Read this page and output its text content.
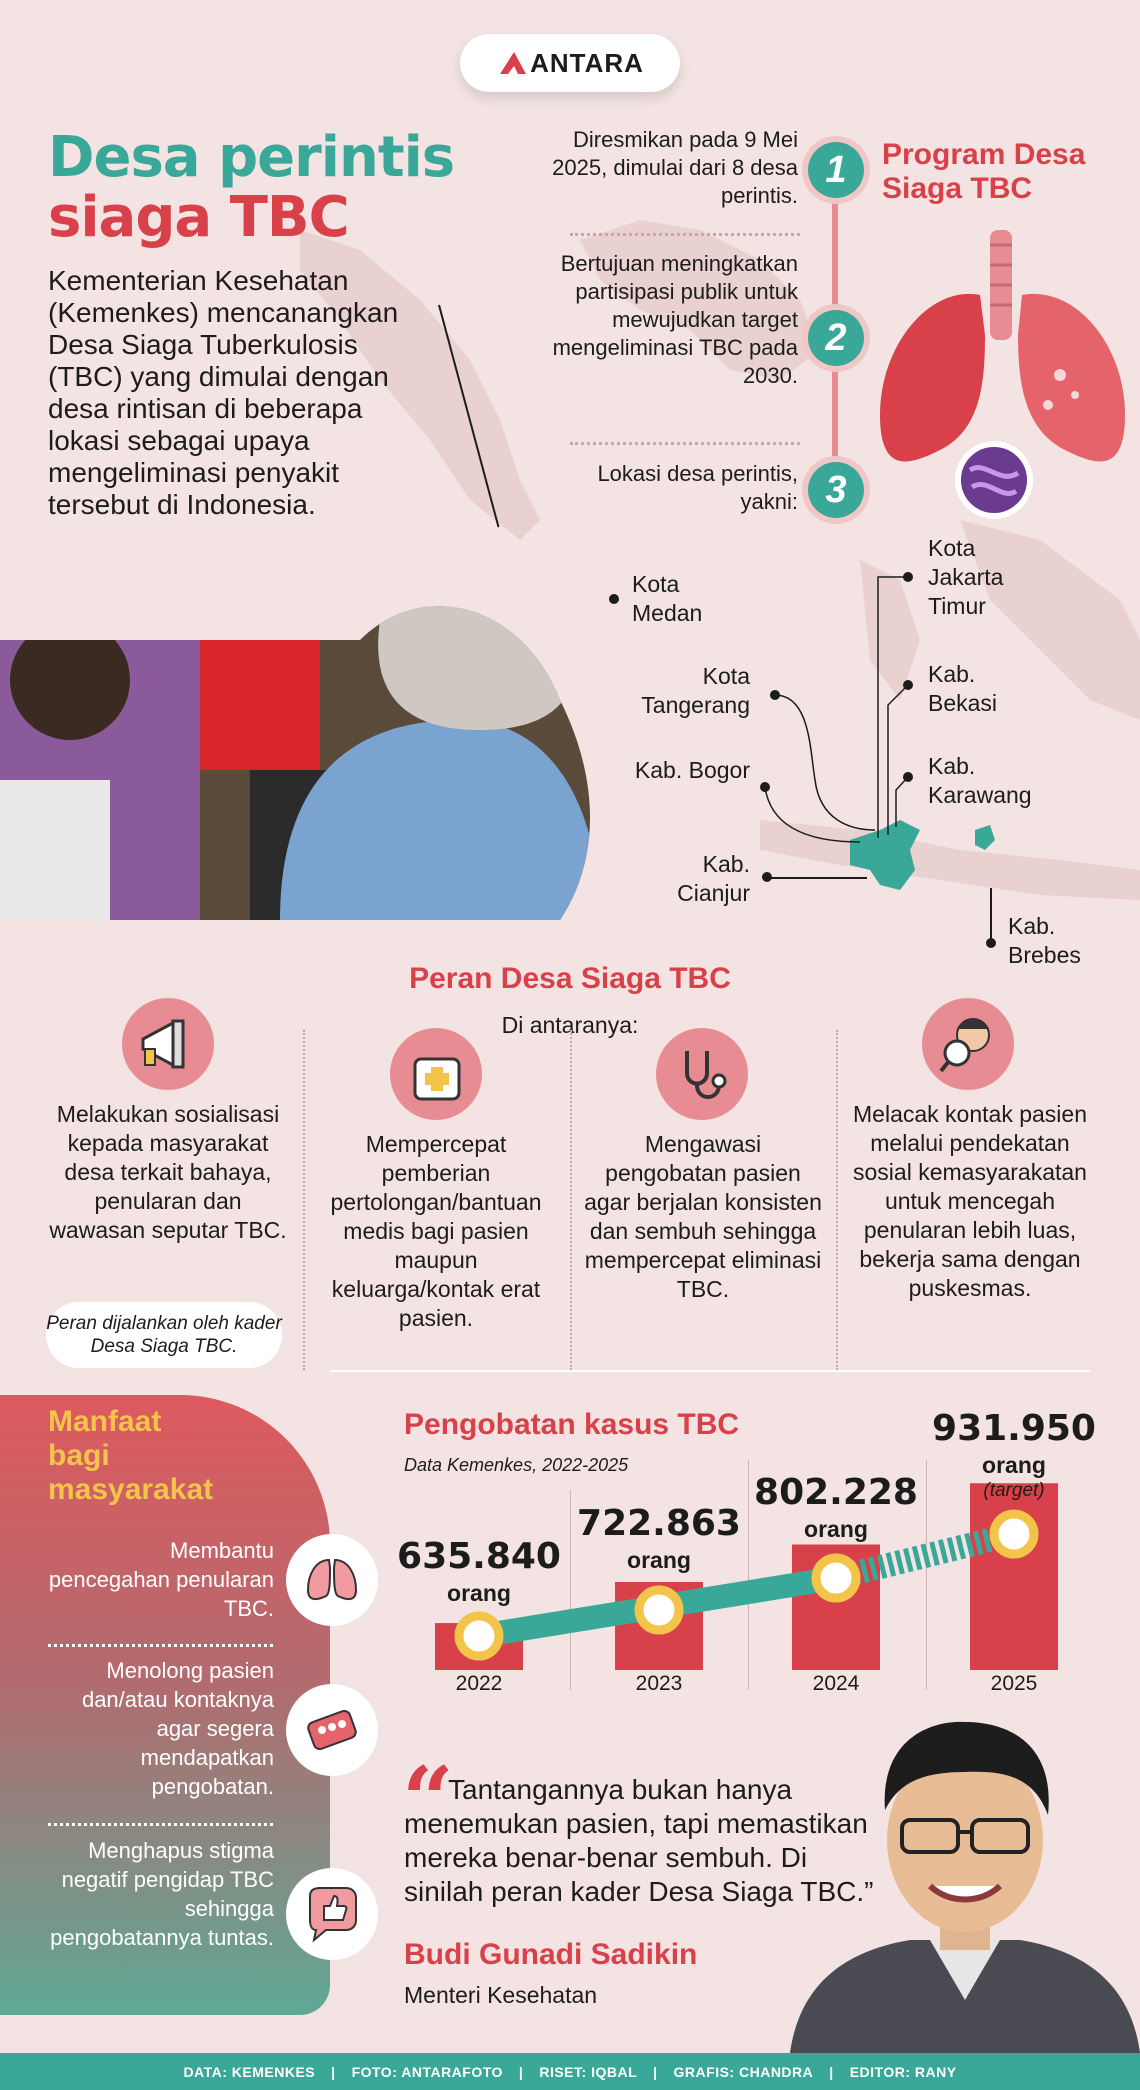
ANTARA
Desa perintis
siaga TBC
Kementerian Kesehatan (Kemenkes) mencanangkan Desa Siaga Tuberkulosis (TBC) yang dimulai dengan desa rintisan di beberapa lokasi sebagai upaya mengeliminasi penyakit tersebut di Indonesia.
Diresmikan pada 9 Mei 2025, dimulai dari 8 desa perintis.
1
Bertujuan meningkatkan partisipasi publik untuk mewujudkan target mengeliminasi TBC pada 2030.
2
Lokasi desa perintis, yakni: 3
Program Desa Siaga TBC
Kota Medan
Kota Jakarta Timur
Kota Tangerang
Kab. Bekasi
Kab. Bogor	Kab. Karawang
Kab. Cianjur
Kab. Brebes
Peran Desa Siaga TBC
Di antaranya:
Melakukan sosialisasi kepada masyarakat desa terkait bahaya, penularan dan wawasan seputar TBC.
Mempercepat pemberian pertolongan/bantuan medis bagi pasien maupun keluarga/kontak erat pasien.
Mengawasi pengobatan pasien agar berjalan konsisten dan sembuh sehingga mempercepat eliminasi TBC.
Melacak kontak pasien melalui pendekatan sosial kemasyarakatan untuk mencegah penularan lebih luas, bekerja sama dengan puskesmas.
Peran dijalankan oleh kader Desa Siaga TBC.
Manfaat bagi masyarakat
Membantu pencegahan penularan TBC.
Menolong pasien dan/atau kontaknya agar segera mendapatkan pengobatan.
Menghapus stigma negatif pengidap TBC sehingga pengobatannya tuntas.
Pengobatan kasus TBC
Data Kemenkes, 2022-2025
635.840
orang
2022
722.863
orang
2023
802.228
orang
2024
931.950
orang
(target)
2025
“
Tantangannya bukan hanya menemukan pasien, tapi memastikan mereka benar-benar sembuh. Di sinilah peran kader Desa Siaga TBC.”
Budi Gunadi Sadikin
Menteri Kesehatan
DATA: KEMENKES	|	FOTO: ANTARAFOTO	|	RISET: IQBAL	|	GRAFIS: CHANDRA	|	EDITOR: RANY
